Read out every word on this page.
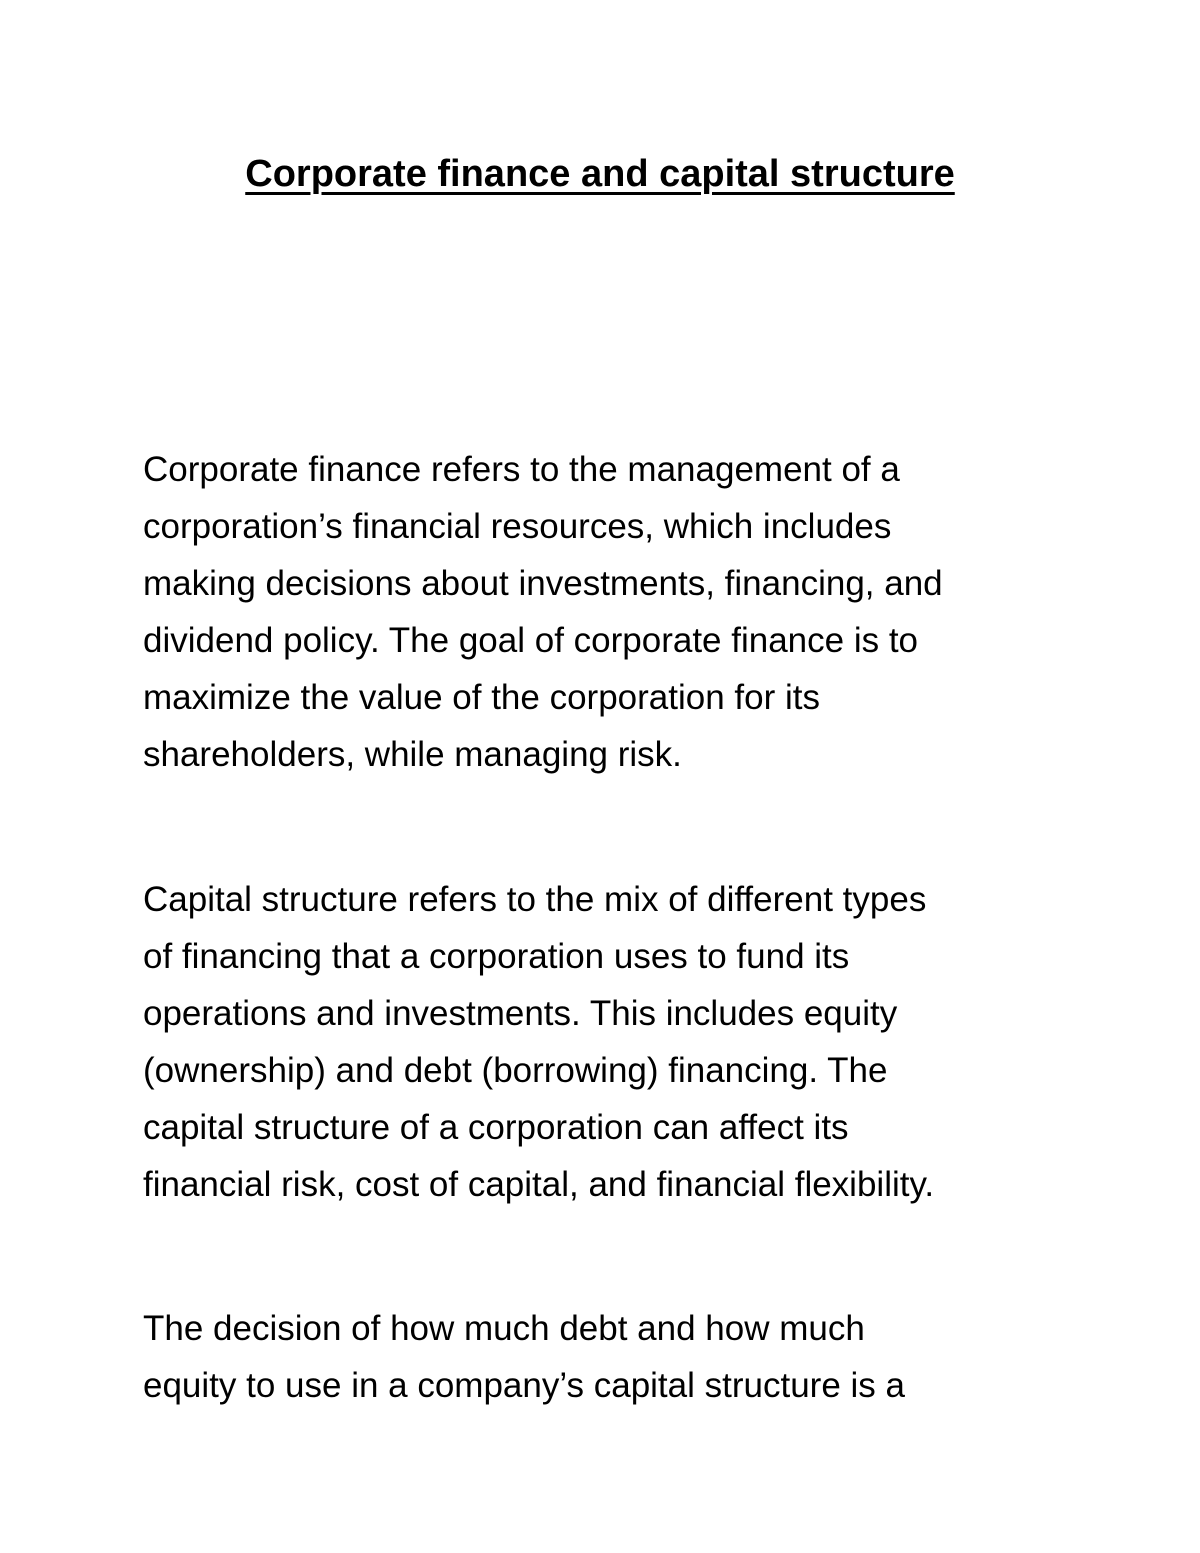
Corporate finance and capital structure
Corporate finance refers to the management of a
corporation’s financial resources, which includes
making decisions about investments, financing, and
dividend policy. The goal of corporate finance is to
maximize the value of the corporation for its
shareholders, while managing risk.
Capital structure refers to the mix of different types
of financing that a corporation uses to fund its
operations and investments. This includes equity
(ownership) and debt (borrowing) financing. The
capital structure of a corporation can affect its
financial risk, cost of capital, and financial flexibility.
The decision of how much debt and how much
equity to use in a company’s capital structure is a
